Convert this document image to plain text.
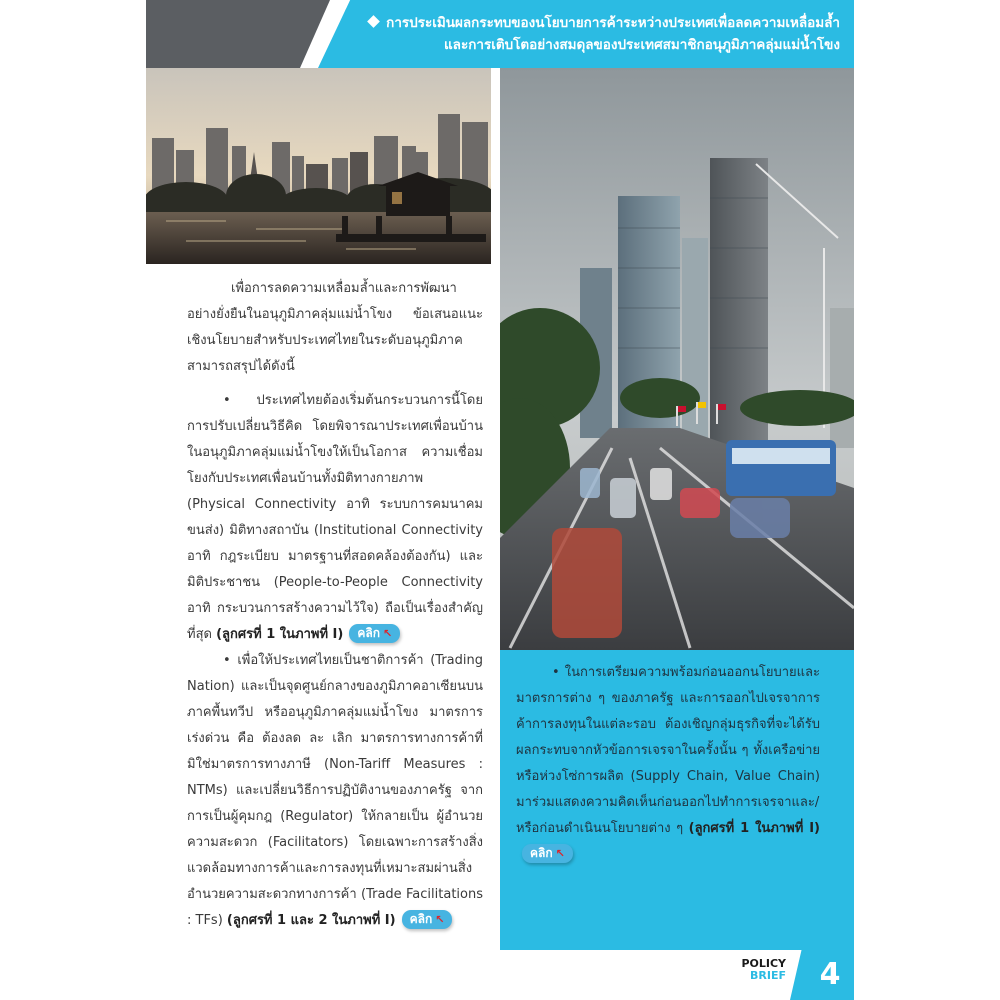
การประเมินผลกระทบของนโยบายการค้าระหว่างประเทศเพื่อลดความเหลื่อมล้ำ
และการเติบโตอย่างสมดุลของประเทศสมาชิกอนุภูมิภาคลุ่มแม่น้ำโขง

เพื่อการลดความเหลื่อมล้ำและการพัฒนาอย่างยั่งยืนในอนุภูมิภาคลุ่มแม่น้ำโขง ข้อเสนอแนะเชิงนโยบายสำหรับประเทศไทยในระดับอนุภูมิภาคสามารถสรุปได้ดังนี้

• ประเทศไทยต้องเริ่มต้นกระบวนการนี้โดยการปรับเปลี่ยนวิธีคิด โดยพิจารณาประเทศเพื่อนบ้านในอนุภูมิภาคลุ่มแม่น้ำโขงให้เป็นโอกาส ความเชื่อมโยงกับประเทศเพื่อนบ้านทั้งมิติทางกายภาพ (Physical Connectivity อาทิ ระบบการคมนาคมขนส่ง) มิติทางสถาบัน (Institutional Connectivity อาทิ กฎระเบียบ มาตรฐานที่สอดคล้องต้องกัน) และมิติประชาชน (People-to-People Connectivity อาทิ กระบวนการสร้างความไว้ใจ) ถือเป็นเรื่องสำคัญที่สุด (ลูกศรที่ 1 ในภาพที่ I) คลิก ↖

• เพื่อให้ประเทศไทยเป็นชาติการค้า (Trading Nation) และเป็นจุดศูนย์กลางของภูมิภาคอาเซียนบนภาคพื้นทวีป หรืออนุภูมิภาคลุ่มแม่น้ำโขง มาตรการเร่งด่วน คือ ต้องลด ละ เลิก มาตรการทางการค้าที่มิใช่มาตรการทางภาษี (Non-Tariff Measures : NTMs) และเปลี่ยนวิธีการปฏิบัติงานของภาครัฐ จากการเป็นผู้คุมกฎ (Regulator) ให้กลายเป็น ผู้อำนวยความสะดวก (Facilitators) โดยเฉพาะการสร้างสิ่งแวดล้อมทางการค้าและการลงทุนที่เหมาะสมผ่านสิ่งอำนวยความสะดวกทางการค้า (Trade Facilitations : TFs) (ลูกศรที่ 1 และ 2 ในภาพที่ I) คลิก ↖

• ในการเตรียมความพร้อมก่อนออกนโยบายและมาตรการต่าง ๆ ของภาครัฐ และการออกไปเจรจาการค้าการลงทุนในแต่ละรอบ ต้องเชิญกลุ่มธุรกิจที่จะได้รับผลกระทบจากหัวข้อการเจรจาในครั้งนั้น ๆ ทั้งเครือข่ายหรือห่วงโซ่การผลิต (Supply Chain, Value Chain) มาร่วมแสดงความคิดเห็นก่อนออกไปทำการเจรจาและ/หรือก่อนดำเนินนโยบายต่าง ๆ (ลูกศรที่ 1 ในภาพที่ I)คลิก ↖

POLICY
BRIEF	4
